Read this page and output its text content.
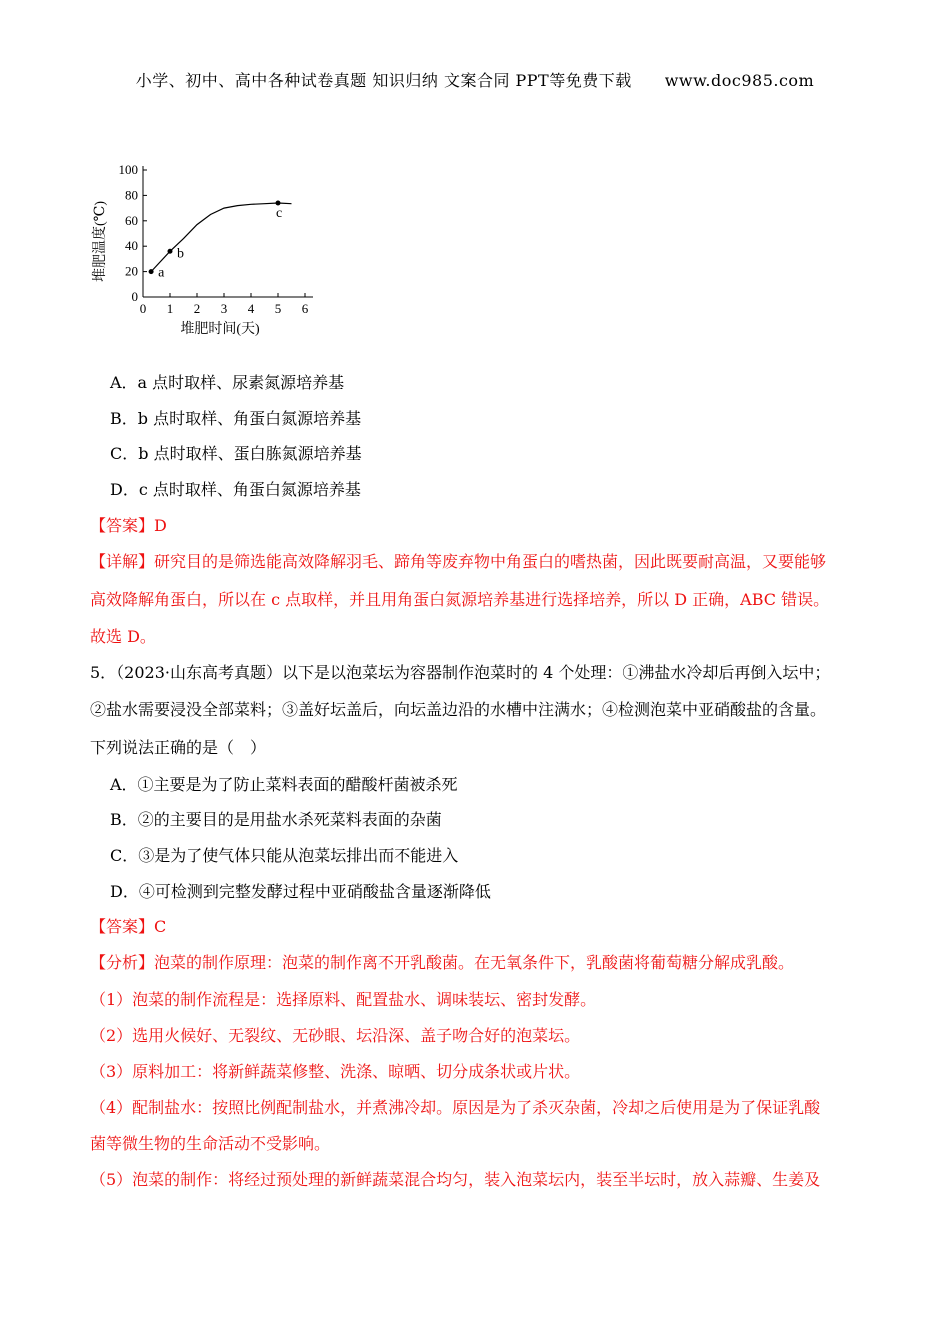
小学、初中、高中各种试卷真题 知识归纳 文案合同 PPT等免费下载　　www.doc985.com
0 1 2 3 4 5 6
0
20
40
60
80
100
堆肥时间(天)
堆肥温度(℃)	a
b
c
A．a 点时取样、尿素氮源培养基
B．b 点时取样、角蛋白氮源培养基
C．b 点时取样、蛋白胨氮源培养基
D．c 点时取样、角蛋白氮源培养基
【答案】D
【详解】研究目的是筛选能高效降解羽毛、蹄角等废弃物中角蛋白的嗜热菌，因此既要耐高温，又要能够
高效降解角蛋白，所以在 c 点取样，并且用角蛋白氮源培养基进行选择培养，所以 D 正确，ABC 错误。
故选 D。
5．（2023·山东高考真题）以下是以泡菜坛为容器制作泡菜时的 4 个处理：①沸盐水冷却后再倒入坛中；
②盐水需要浸没全部菜料；③盖好坛盖后，向坛盖边沿的水槽中注满水；④检测泡菜中亚硝酸盐的含量。
下列说法正确的是（　）
A．①主要是为了防止菜料表面的醋酸杆菌被杀死
B．②的主要目的是用盐水杀死菜料表面的杂菌
C．③是为了使气体只能从泡菜坛排出而不能进入
D．④可检测到完整发酵过程中亚硝酸盐含量逐渐降低
【答案】C
【分析】泡菜的制作原理：泡菜的制作离不开乳酸菌。在无氧条件下，乳酸菌将葡萄糖分解成乳酸。
（1）泡菜的制作流程是：选择原料、配置盐水、调味装坛、密封发酵。
（2）选用火候好、无裂纹、无砂眼、坛沿深、盖子吻合好的泡菜坛。
（3）原料加工：将新鲜蔬菜修整、洗涤、晾晒、切分成条状或片状。
（4）配制盐水：按照比例配制盐水，并煮沸冷却。原因是为了杀灭杂菌，冷却之后使用是为了保证乳酸
菌等微生物的生命活动不受影响。
（5）泡菜的制作：将经过预处理的新鲜蔬菜混合均匀，装入泡菜坛内，装至半坛时，放入蒜瓣、生姜及
